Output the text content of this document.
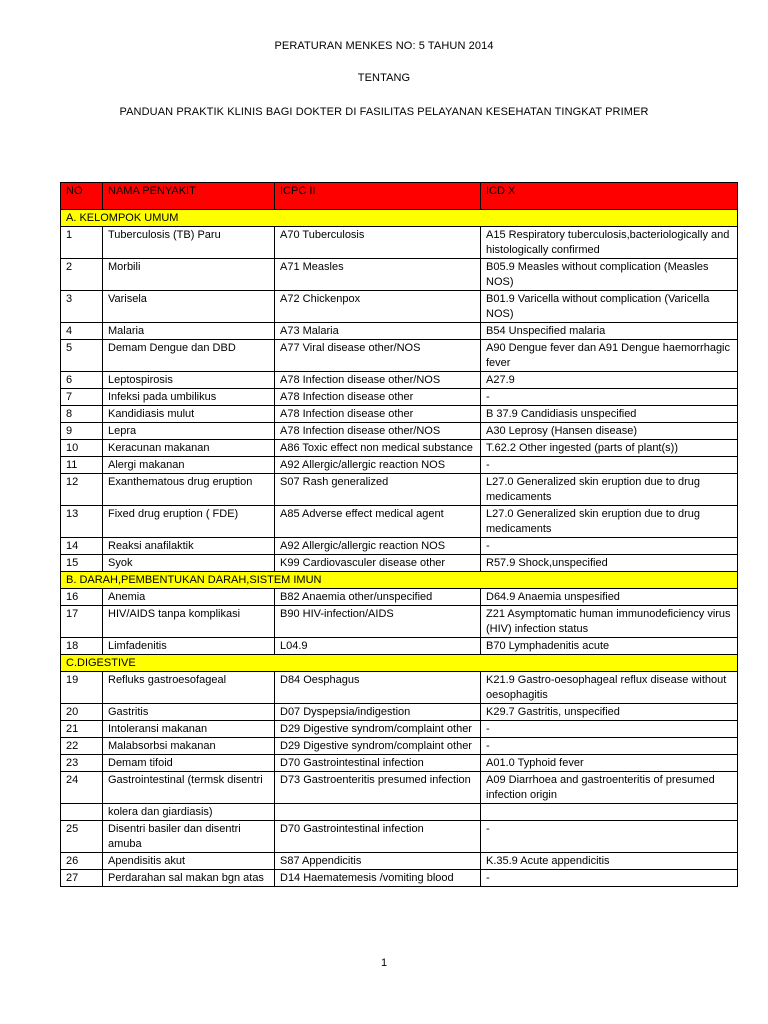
PERATURAN MENKES NO: 5 TAHUN 2014
TENTANG
PANDUAN PRAKTIK KLINIS BAGI DOKTER DI FASILITAS PELAYANAN KESEHATAN TINGKAT PRIMER
NO	NAMA PENYAKIT	ICPC II	ICD X
A. KELOMPOK UMUM			
1	Tuberculosis (TB) Paru	A70 Tuberculosis	A15 Respiratory tuberculosis,bacteriologically and histologically confirmed
2	Morbili	A71 Measles	B05.9 Measles without complication (Measles NOS)
3	Varisela	A72 Chickenpox	B01.9 Varicella without complication (Varicella NOS)
4	Malaria	A73 Malaria	B54 Unspecified malaria
5	Demam Dengue dan DBD	A77 Viral disease other/NOS	A90 Dengue fever dan A91 Dengue haemorrhagic fever
6	Leptospirosis	A78 Infection disease other/NOS	A27.9
7	Infeksi pada umbilikus	A78 Infection disease other	-
8	Kandidiasis mulut	A78 Infection disease other	B 37.9 Candidiasis unspecified
9	Lepra	A78 Infection disease other/NOS	A30 Leprosy (Hansen disease)
10	Keracunan makanan	A86 Toxic effect non medical substance	T.62.2 Other ingested (parts of plant(s))
11	Alergi makanan	A92 Allergic/allergic reaction NOS	-
12	Exanthematous drug eruption	S07 Rash generalized	L27.0 Generalized skin eruption due to drug medicaments
13	Fixed drug eruption ( FDE)	A85 Adverse effect medical agent	L27.0 Generalized skin eruption due to drug medicaments
14	Reaksi anafilaktik	A92 Allergic/allergic reaction NOS	-
15	Syok	K99 Cardiovasculer disease other	R57.9 Shock,unspecified
B. DARAH,PEMBENTUKAN DARAH,SISTEM IMUN			
16	Anemia	B82 Anaemia other/unspecified	D64.9 Anaemia unspesified
17	HIV/AIDS tanpa komplikasi	B90 HIV-infection/AIDS	Z21 Asymptomatic human immunodeficiency virus (HIV) infection status
18	Limfadenitis	L04.9	B70 Lymphadenitis acute
C.DIGESTIVE			
19	Refluks gastroesofageal	D84 Oesphagus	K21.9 Gastro-oesophageal reflux disease without oesophagitis
20	Gastritis	D07 Dyspepsia/indigestion	K29.7 Gastritis, unspecified
21	Intoleransi makanan	D29 Digestive syndrom/complaint other	-
22	Malabsorbsi makanan	D29 Digestive syndrom/complaint other	-
23	Demam tifoid	D70 Gastrointestinal infection	A01.0 Typhoid fever
24	Gastrointestinal (termsk disentri	D73 Gastroenteritis presumed infection	A09 Diarrhoea and gastroenteritis of presumed infection origin
	kolera dan giardiasis)		
25	Disentri basiler dan disentri amuba	D70 Gastrointestinal infection	-
26	Apendisitis akut	S87 Appendicitis	K.35.9 Acute appendicitis
27	Perdarahan sal makan bgn atas	D14 Haematemesis /vomiting blood	-
1
